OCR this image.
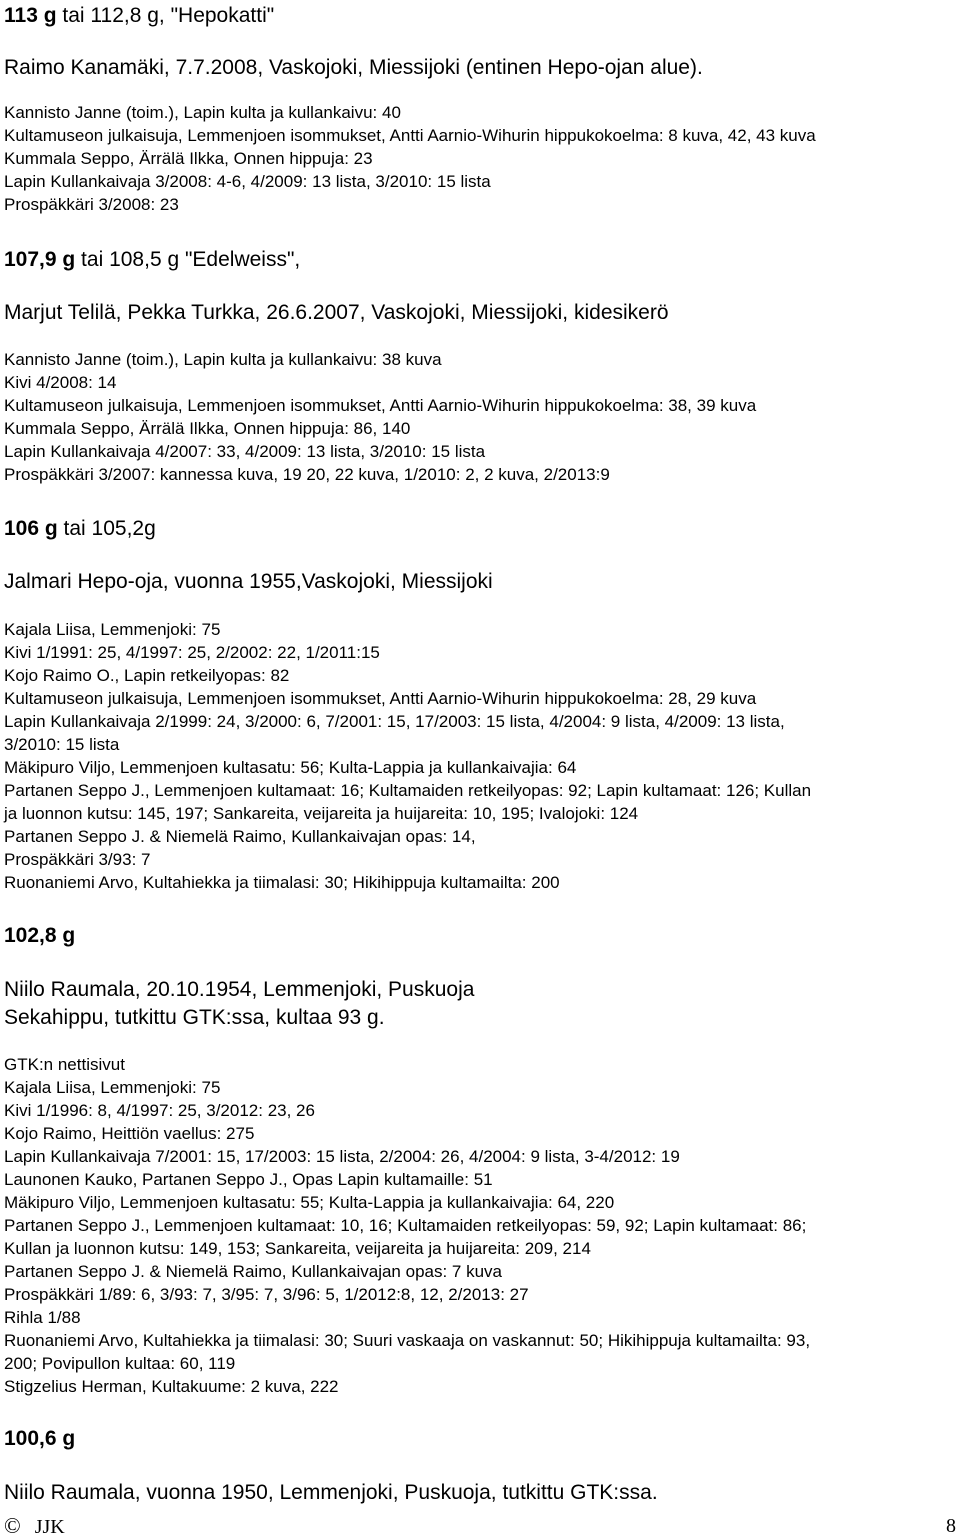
113 g tai 112,8 g, "Hepokatti"
Raimo Kanamäki, 7.7.2008, Vaskojoki, Miessijoki (entinen Hepo-ojan alue).
Kannisto Janne (toim.), Lapin kulta ja kullankaivu: 40
Kultamuseon julkaisuja, Lemmenjoen isommukset, Antti Aarnio-Wihurin hippukokoelma: 8 kuva, 42, 43 kuva
Kummala Seppo, Ärrälä Ilkka, Onnen hippuja: 23
Lapin Kullankaivaja 3/2008: 4-6, 4/2009: 13 lista, 3/2010: 15 lista
Prospäkkäri 3/2008: 23
107,9 g tai 108,5 g "Edelweiss",
Marjut Telilä, Pekka Turkka, 26.6.2007, Vaskojoki, Miessijoki, kidesikerö
Kannisto Janne (toim.), Lapin kulta ja kullankaivu: 38 kuva
Kivi 4/2008: 14
Kultamuseon julkaisuja, Lemmenjoen isommukset, Antti Aarnio-Wihurin hippukokoelma: 38, 39 kuva
Kummala Seppo, Ärrälä Ilkka, Onnen hippuja: 86, 140
Lapin Kullankaivaja 4/2007: 33, 4/2009: 13 lista, 3/2010: 15 lista
Prospäkkäri 3/2007: kannessa kuva, 19 20, 22 kuva, 1/2010: 2, 2 kuva, 2/2013:9
106 g tai 105,2g
Jalmari Hepo-oja, vuonna 1955,Vaskojoki, Miessijoki
Kajala Liisa, Lemmenjoki: 75
Kivi 1/1991: 25, 4/1997: 25, 2/2002: 22, 1/2011:15
Kojo Raimo O., Lapin retkeilyopas: 82
Kultamuseon julkaisuja, Lemmenjoen isommukset, Antti Aarnio-Wihurin hippukokoelma: 28, 29 kuva
Lapin Kullankaivaja 2/1999: 24, 3/2000: 6, 7/2001: 15, 17/2003: 15 lista, 4/2004: 9 lista, 4/2009: 13 lista,
3/2010: 15 lista
Mäkipuro Viljo, Lemmenjoen kultasatu: 56; Kulta-Lappia ja kullankaivajia: 64
Partanen Seppo J., Lemmenjoen kultamaat: 16; Kultamaiden retkeilyopas: 92; Lapin kultamaat: 126; Kullan
ja luonnon kutsu: 145, 197; Sankareita, veijareita ja huijareita: 10, 195; Ivalojoki: 124
Partanen Seppo J. & Niemelä Raimo, Kullankaivajan opas: 14,
Prospäkkäri 3/93: 7
Ruonaniemi Arvo, Kultahiekka ja tiimalasi: 30; Hikihippuja kultamailta: 200
102,8 g
Niilo Raumala, 20.10.1954, Lemmenjoki, Puskuoja
Sekahippu, tutkittu GTK:ssa, kultaa 93 g.
GTK:n nettisivut
Kajala Liisa, Lemmenjoki: 75
Kivi 1/1996: 8, 4/1997: 25, 3/2012: 23, 26
Kojo Raimo, Heittiön vaellus: 275
Lapin Kullankaivaja 7/2001: 15, 17/2003: 15 lista, 2/2004: 26, 4/2004: 9 lista, 3-4/2012: 19
Launonen Kauko, Partanen Seppo J., Opas Lapin kultamaille: 51
Mäkipuro Viljo, Lemmenjoen kultasatu: 55; Kulta-Lappia ja kullankaivajia: 64, 220
Partanen Seppo J., Lemmenjoen kultamaat: 10, 16; Kultamaiden retkeilyopas: 59, 92; Lapin kultamaat: 86;
Kullan ja luonnon kutsu: 149, 153; Sankareita, veijareita ja huijareita: 209, 214
Partanen Seppo J. & Niemelä Raimo, Kullankaivajan opas: 7 kuva
Prospäkkäri 1/89: 6, 3/93: 7, 3/95: 7, 3/96: 5, 1/2012:8, 12, 2/2013: 27
Rihla 1/88
Ruonaniemi Arvo, Kultahiekka ja tiimalasi: 30; Suuri vaskaaja on vaskannut: 50; Hikihippuja kultamailta: 93,
200; Povipullon kultaa: 60, 119
Stigzelius Herman, Kultakuume: 2 kuva, 222
100,6 g
Niilo Raumala, vuonna 1950, Lemmenjoki, Puskuoja, tutkittu GTK:ssa.
© JJK	8
